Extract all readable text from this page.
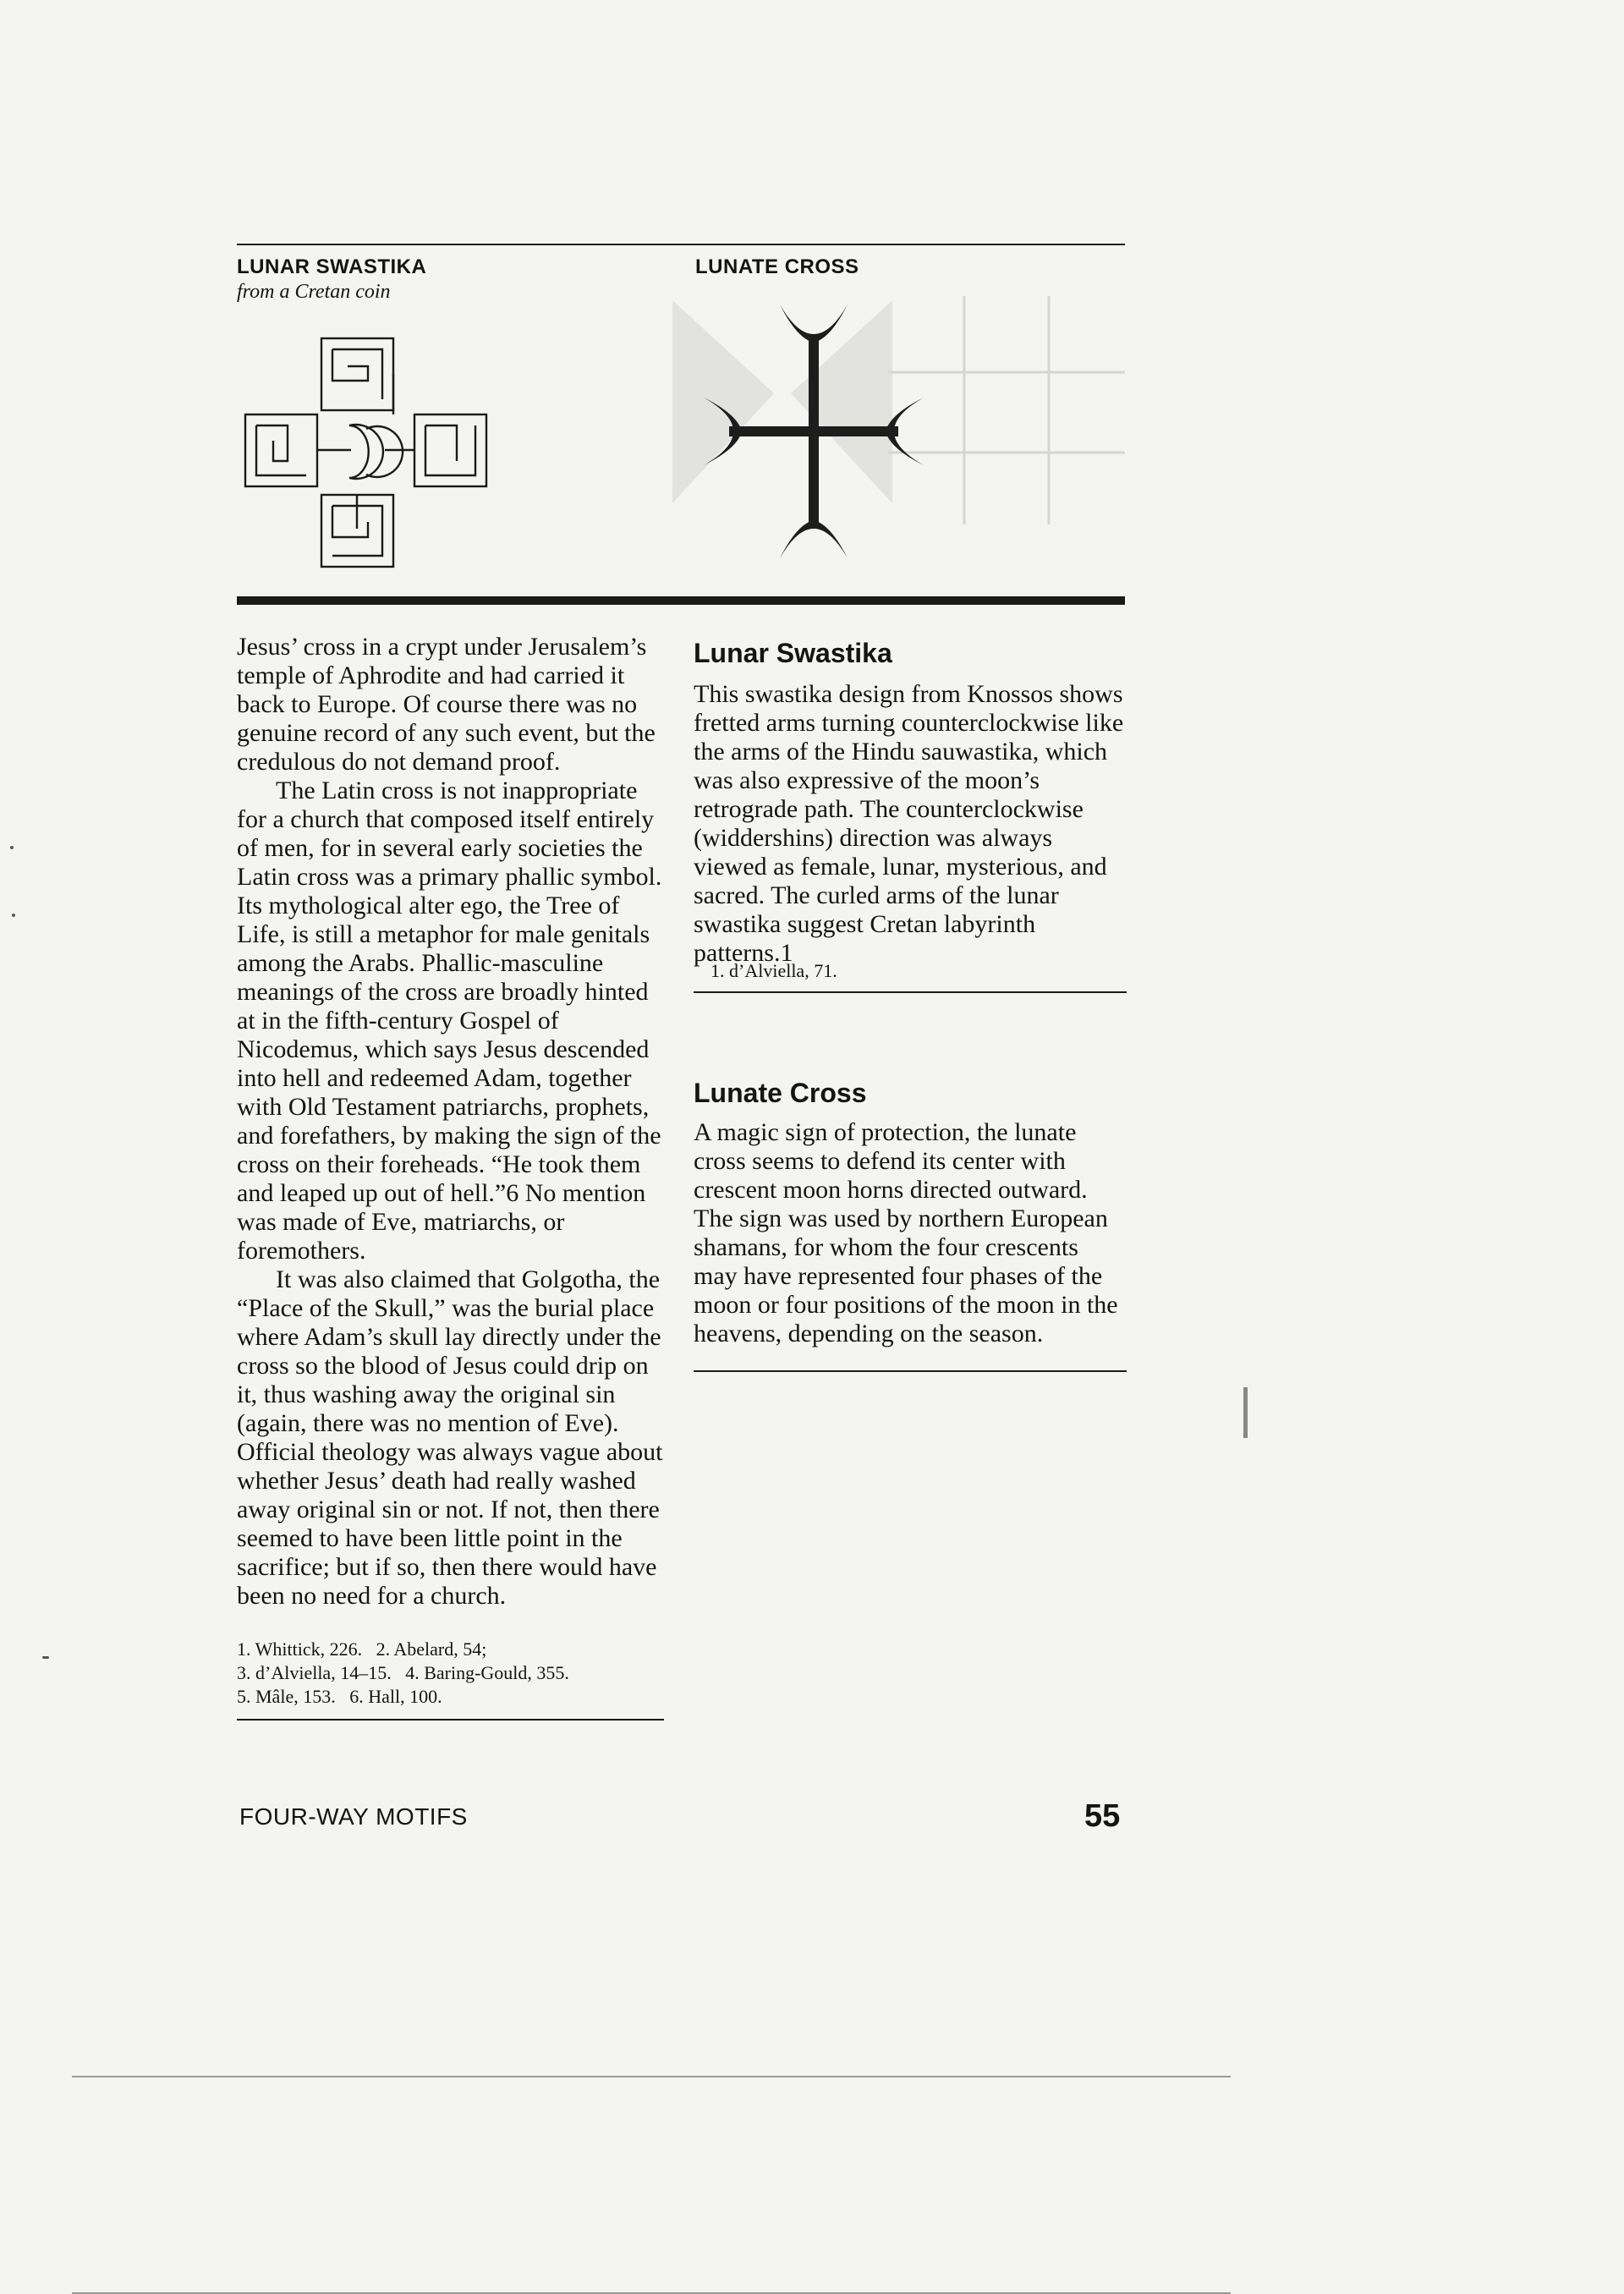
LUNAR SWASTIKA
from a Cretan coin
LUNATE CROSS

Jesus’ cross in a crypt under Jerusalem’s temple of Aphrodite and had carried it back to Europe. Of course there was no genuine record of any such event, but the credulous do not demand proof.

The Latin cross is not inappropriate for a church that composed itself entirely of men, for in several early societies the Latin cross was a primary phallic symbol. Its mythological alter ego, the Tree of Life, is still a metaphor for male genitals among the Arabs. Phallic-masculine meanings of the cross are broadly hinted at in the fifth-century Gospel of Nicodemus, which says Jesus descended into hell and redeemed Adam, together with Old Testament patriarchs, prophets, and forefathers, by making the sign of the cross on their foreheads. “He took them and leaped up out of hell.”6 No mention was made of Eve, matriarchs, or foremothers.

It was also claimed that Golgotha, the “Place of the Skull,” was the burial place where Adam’s skull lay directly under the cross so the blood of Jesus could drip on it, thus washing away the original sin (again, there was no mention of Eve). Official theology was always vague about whether Jesus’ death had really washed away original sin or not. If not, then there seemed to have been little point in the sacrifice; but if so, then there would have been no need for a church.

1. Whittick, 226.   2. Abelard, 54;
3. d’Alviella, 14–15.   4. Baring-Gould, 355.
5. Mâle, 153.   6. Hall, 100.
Lunar Swastika
This swastika design from Knossos shows fretted arms turning counterclockwise like the arms of the Hindu sauwastika, which was also expressive of the moon’s retrograde path. The counterclockwise (widdershins) direction was always viewed as female, lunar, mysterious, and sacred. The curled arms of the lunar swastika suggest Cretan labyrinth patterns.1
1. d’Alviella, 71.
Lunate Cross
A magic sign of protection, the lunate cross seems to defend its center with crescent moon horns directed outward. The sign was used by northern European shamans, for whom the four crescents may have represented four phases of the moon or four positions of the moon in the heavens, depending on the season.
FOUR-WAY MOTIFS	55
